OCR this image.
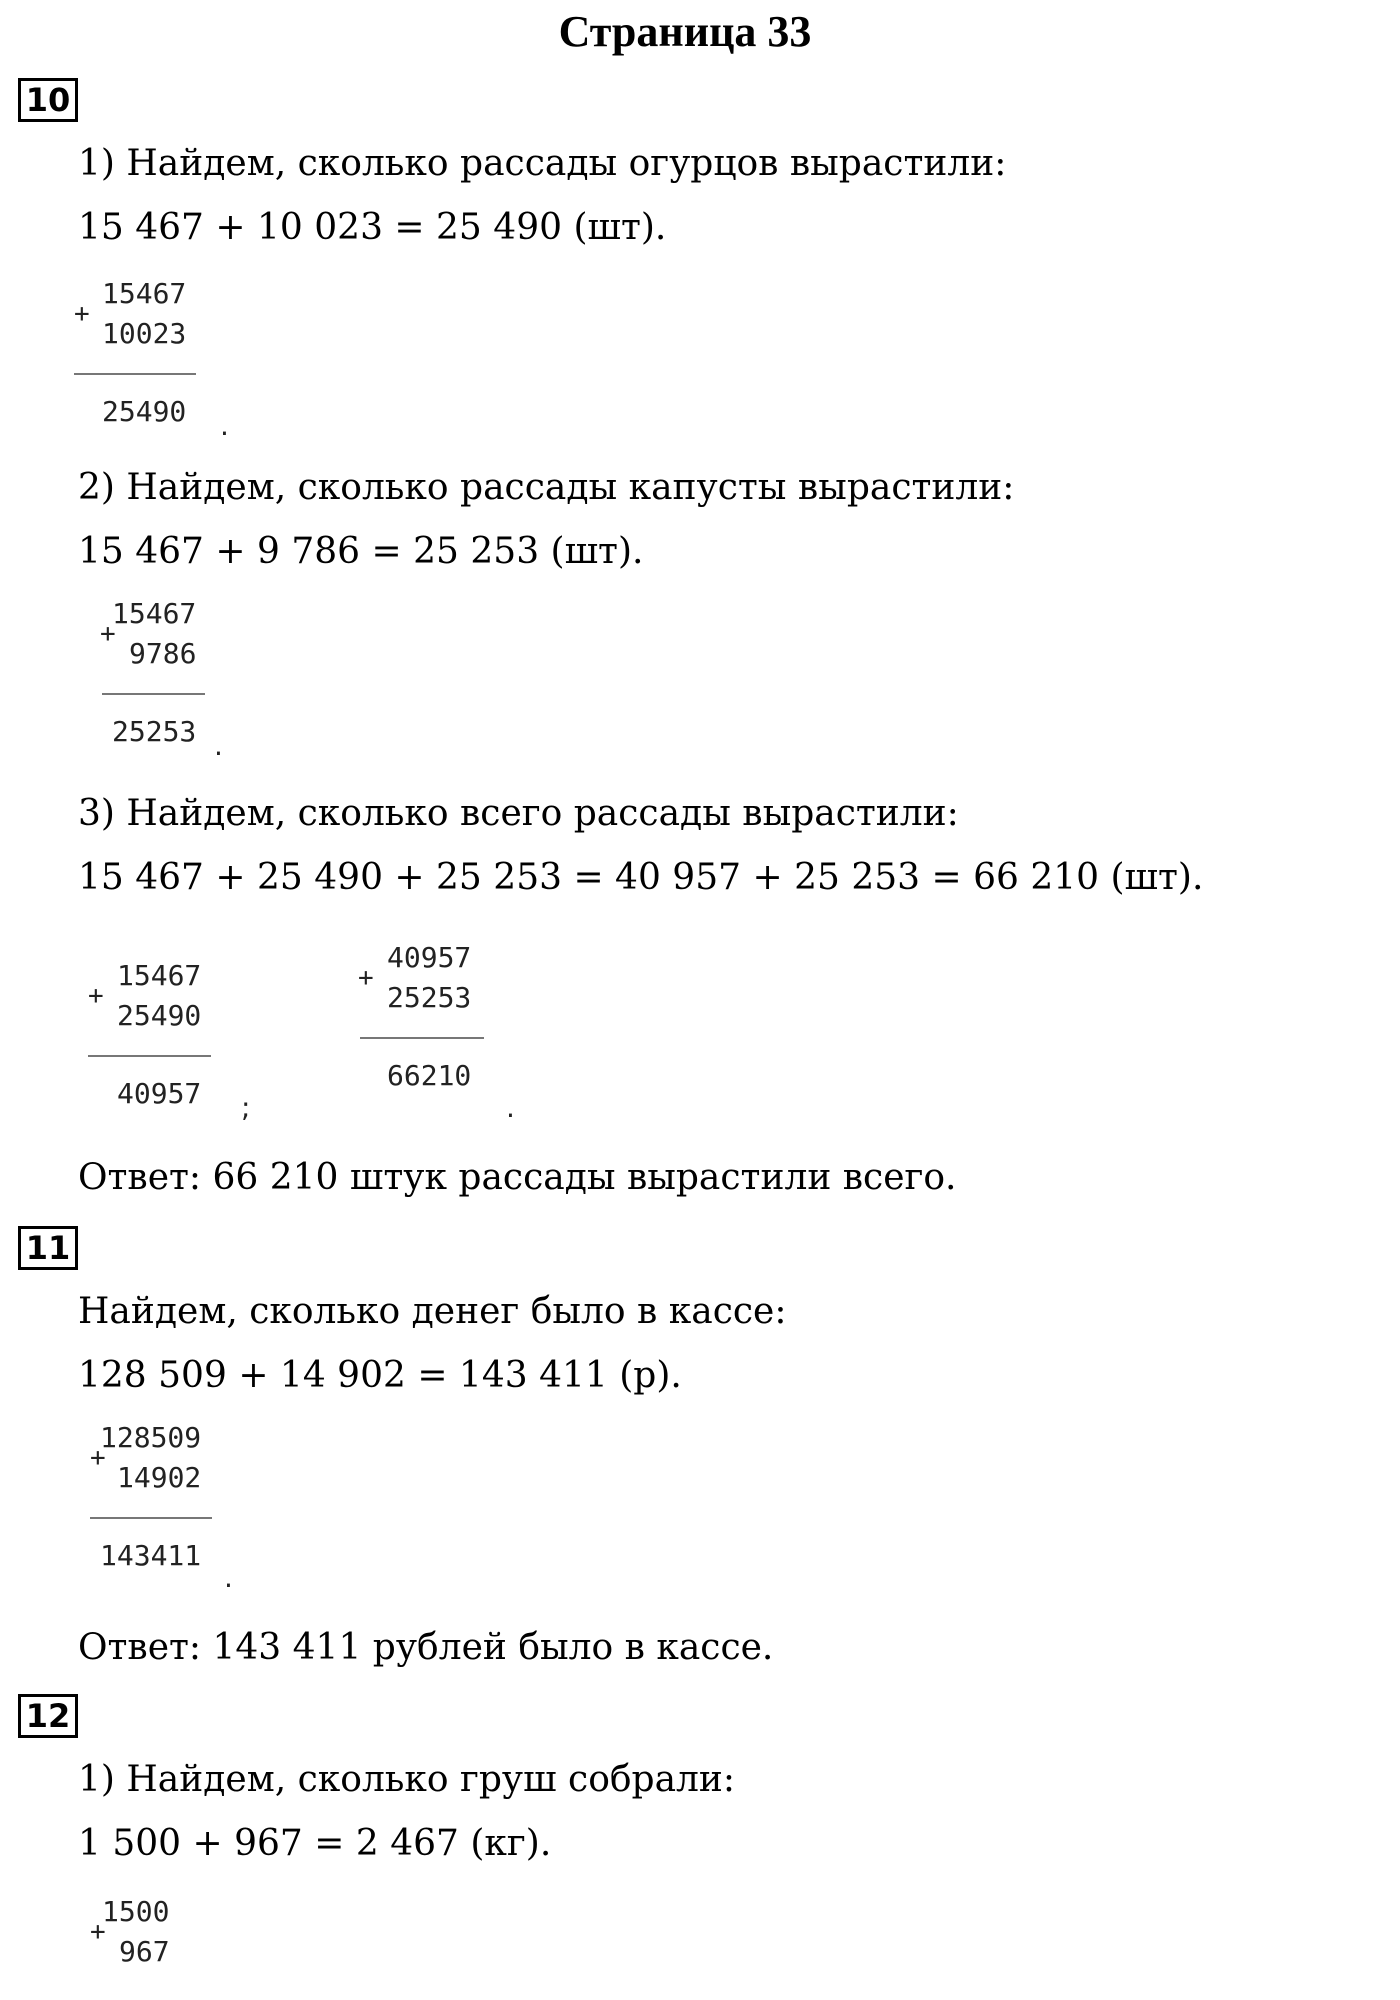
Страница 33
10
1) Найдем, сколько рассады огурцов вырастили:
15 467 + 10 023 = 25 490 (шт).
+
15467
10023
25490 .
2) Найдем, сколько рассады капусты вырастили:
15 467 + 9 786 = 25 253 (шт).
+
15467
9786
25253 .
3) Найдем, сколько всего рассады вырастили:
15 467 + 25 490 + 25 253 = 40 957 + 25 253 = 66 210 (шт).
+
15467
25490
40957 ;
+
40957
25253
66210
.
Ответ: 66 210 штук рассады вырастили всего.
11
Найдем, сколько денег было в кассе:
128 509 + 14 902 = 143 411 (р).
+
128509
14902
143411
.
Ответ: 143 411 рублей было в кассе.
12
1) Найдем, сколько груш собрали:
1 500 + 967 = 2 467 (кг).
+
1500
967
